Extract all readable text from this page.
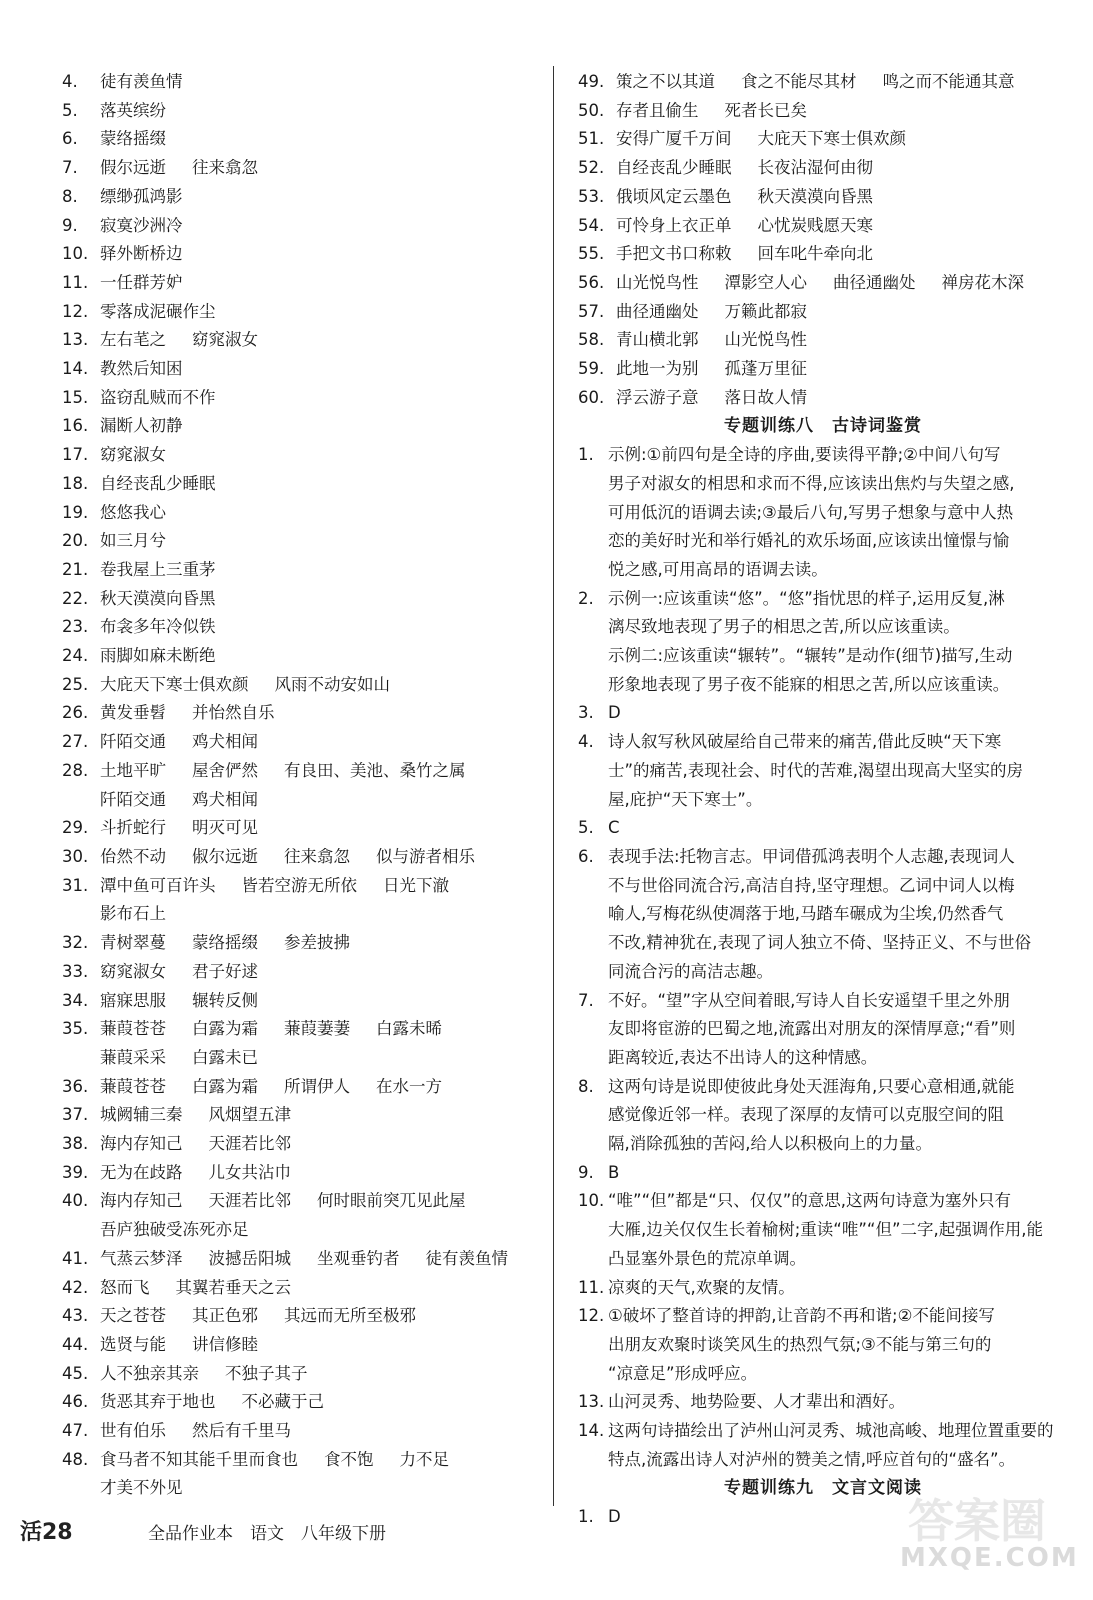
4. 徒有羡鱼情
5. 落英缤纷
6. 蒙络摇缀
7. 假尔远逝 往来翕忽
8. 缥缈孤鸿影
9. 寂寞沙洲冷
10. 驿外断桥边
11. 一任群芳妒
12. 零落成泥碾作尘
13. 左右芼之 窈窕淑女
14. 教然后知困
15. 盗窃乱贼而不作
16. 漏断人初静
17. 窈窕淑女
18. 自经丧乱少睡眠
19. 悠悠我心
20. 如三月兮
21. 卷我屋上三重茅
22. 秋天漠漠向昏黑
23. 布衾多年冷似铁
24. 雨脚如麻未断绝
25. 大庇天下寒士俱欢颜 风雨不动安如山
26. 黄发垂髫 并怡然自乐
27. 阡陌交通 鸡犬相闻
28. 土地平旷 屋舍俨然 有良田、美池、桑竹之属
阡陌交通 鸡犬相闻
29. 斗折蛇行 明灭可见
30. 佁然不动 俶尔远逝 往来翕忽 似与游者相乐
31. 潭中鱼可百许头 皆若空游无所依 日光下澈
影布石上
32. 青树翠蔓 蒙络摇缀 参差披拂
33. 窈窕淑女 君子好逑
34. 寤寐思服 辗转反侧
35. 蒹葭苍苍 白露为霜 蒹葭萋萋 白露未晞
蒹葭采采 白露未已
36. 蒹葭苍苍 白露为霜 所谓伊人 在水一方
37. 城阙辅三秦 风烟望五津
38. 海内存知己 天涯若比邻
39. 无为在歧路 儿女共沾巾
40. 海内存知己 天涯若比邻 何时眼前突兀见此屋
吾庐独破受冻死亦足
41. 气蒸云梦泽 波撼岳阳城 坐观垂钓者 徒有羡鱼情
42. 怒而飞 其翼若垂天之云
43. 天之苍苍 其正色邪 其远而无所至极邪
44. 选贤与能 讲信修睦
45. 人不独亲其亲 不独子其子
46. 货恶其弃于地也 不必藏于己
47. 世有伯乐 然后有千里马
48. 食马者不知其能千里而食也 食不饱 力不足
才美不外见
49. 策之不以其道 食之不能尽其材 鸣之而不能通其意
50. 存者且偷生 死者长已矣
51. 安得广厦千万间 大庇天下寒士俱欢颜
52. 自经丧乱少睡眠 长夜沾湿何由彻
53. 俄顷风定云墨色 秋天漠漠向昏黑
54. 可怜身上衣正单 心忧炭贱愿天寒
55. 手把文书口称敕 回车叱牛牵向北
56. 山光悦鸟性 潭影空人心 曲径通幽处 禅房花木深
57. 曲径通幽处 万籁此都寂
58. 青山横北郭 山光悦鸟性
59. 此地一为别 孤蓬万里征
60. 浮云游子意 落日故人情
专题训练八　古诗词鉴赏
1. 示例:①前四句是全诗的序曲,要读得平静;②中间八句写
男子对淑女的相思和求而不得,应该读出焦灼与失望之感,
可用低沉的语调去读;③最后八句,写男子想象与意中人热
恋的美好时光和举行婚礼的欢乐场面,应该读出憧憬与愉
悦之感,可用高昂的语调去读。
2. 示例一:应该重读“悠”。“悠”指忧思的样子,运用反复,淋
漓尽致地表现了男子的相思之苦,所以应该重读。
示例二:应该重读“辗转”。“辗转”是动作(细节)描写,生动
形象地表现了男子夜不能寐的相思之苦,所以应该重读。
3. D
4. 诗人叙写秋风破屋给自己带来的痛苦,借此反映“天下寒
士”的痛苦,表现社会、时代的苦难,渴望出现高大坚实的房
屋,庇护“天下寒士”。
5. C
6. 表现手法:托物言志。甲词借孤鸿表明个人志趣,表现词人
不与世俗同流合污,高洁自持,坚守理想。乙词中词人以梅
喻人,写梅花纵使凋落于地,马踏车碾成为尘埃,仍然香气
不改,精神犹在,表现了词人独立不倚、坚持正义、不与世俗
同流合污的高洁志趣。
7. 不好。“望”字从空间着眼,写诗人自长安遥望千里之外朋
友即将宦游的巴蜀之地,流露出对朋友的深情厚意;“看”则
距离较近,表达不出诗人的这种情感。
8. 这两句诗是说即使彼此身处天涯海角,只要心意相通,就能
感觉像近邻一样。表现了深厚的友情可以克服空间的阻
隔,消除孤独的苦闷,给人以积极向上的力量。
9. B
10. “唯”“但”都是“只、仅仅”的意思,这两句诗意为塞外只有
大雁,边关仅仅生长着榆树;重读“唯”“但”二字,起强调作用,能
凸显塞外景色的荒凉单调。
11. 凉爽的天气,欢聚的友情。
12. ①破坏了整首诗的押韵,让音韵不再和谐;②不能间接写
出朋友欢聚时谈笑风生的热烈气氛;③不能与第三句的
“凉意足”形成呼应。
13. 山河灵秀、地势险要、人才辈出和酒好。
14. 这两句诗描绘出了泸州山河灵秀、城池高峻、地理位置重要的
特点,流露出诗人对泸州的赞美之情,呼应首句的“盛名”。
专题训练九　文言文阅读
1. D
活28	全品作业本　语文　八年级下册	答案圈
MXQE.COM
